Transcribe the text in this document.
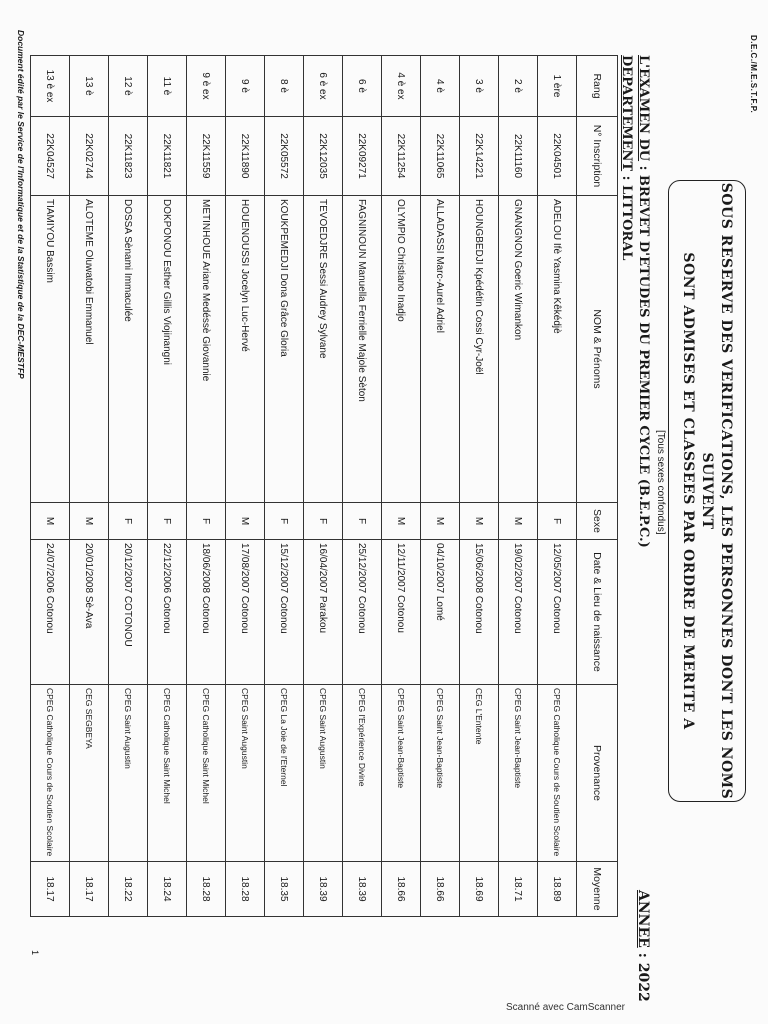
D.E.C./M.E.S.T.F.P.
SOUS RESERVE DES VERIFICATIONS, LES PERSONNES DONT LES NOMS SUIVENT
SONT ADMISES ET CLASSEES PAR ORDRE DE MERITE A
[Tous sexes confondus]
L'EXAMEN DU : BREVET D'ETUDES DU PREMIER CYCLE (B.E.P.C.)
ANNEE : 2022
DEPARTEMENT : LITTORAL
Rang	N° Inscription	NOM & Prénoms	Sexe	Date & Lieu de naissance	Provenance	Moyenne
1 ère	22K04501	ADELOU Ifè Yasmina Kêkédjè	F	12/05/2007 Cotonou	CPEG Catholique Cours de Soutien Scolaire	18.89
2 è	22K11160	GNANGNON Goeric Wimankon	M	19/02/2007 Cotonou	CPEG Saint Jean-Baptiste	18.71
3 è	22K14221	HOUNGBEDJI Kpédétin Cossi Cyr-Joël	M	15/06/2008 Cotonou	CEG L'Entente	18.69
4 è	22K11065	ALLADASSI Marc-Aurel Adriel	M	04/10/2007 Lomé	CPEG Saint Jean-Baptiste	18.66
4 è ex	22K11254	OLYMPIO Christiano Inadjo	M	12/11/2007 Cotonou	CPEG Saint Jean-Baptiste	18.66
6 è	22K09271	FAGNINOUN Manuella Ferrielle Majole Sèton	F	25/12/2007 Cotonou	CPEG l'Expérience Divine	18.39
6 è ex	22K12035	TEVOEDJRE Sessi Audrey Sylvane	F	16/04/2007 Parakou	CPEG Saint Augustin	18.39
8 è	22K05572	KOUKPEMEDJI Dona Grâce Gloria	F	15/12/2007 Cotonou	CPEG La Joie de l'Eternel	18.35
9 è	22K11890	HOUENOUSSI Jocelyn Luc-Hervé	M	17/08/2007 Cotonou	CPEG Saint Augustin	18.28
9 è ex	22K11559	METINHOUE Ariane Medéssè Giovannie	F	18/06/2008 Cotonou	CPEG Catholique Saint Michel	18.28
11 è	22K11821	DOKPONOU Esther Gillis Viojinangni	F	22/12/2006 Cotonou	CPEG Catholique Saint Michel	18.24
12 è	22K11823	DOSSA Sènami Immaculée	F	20/12/2007 COTONOU	CPEG Saint Augustin	18.22
13 è	22K02744	ALOTEME Oluwatobi Emmanuel	M	20/01/2008 Sè-Ava	CEG SEGBEYA	18.17
13 è ex	22K04527	TIAMIYOU Bassim	M	24/07/2006 Cotonou	CPEG Catholique Cours de Soutien Scolaire	18.17
Document édité par le Service de l'Informatique et de la Statistique de la DEC-MESTFP
1
Scanné avec CamScanner
